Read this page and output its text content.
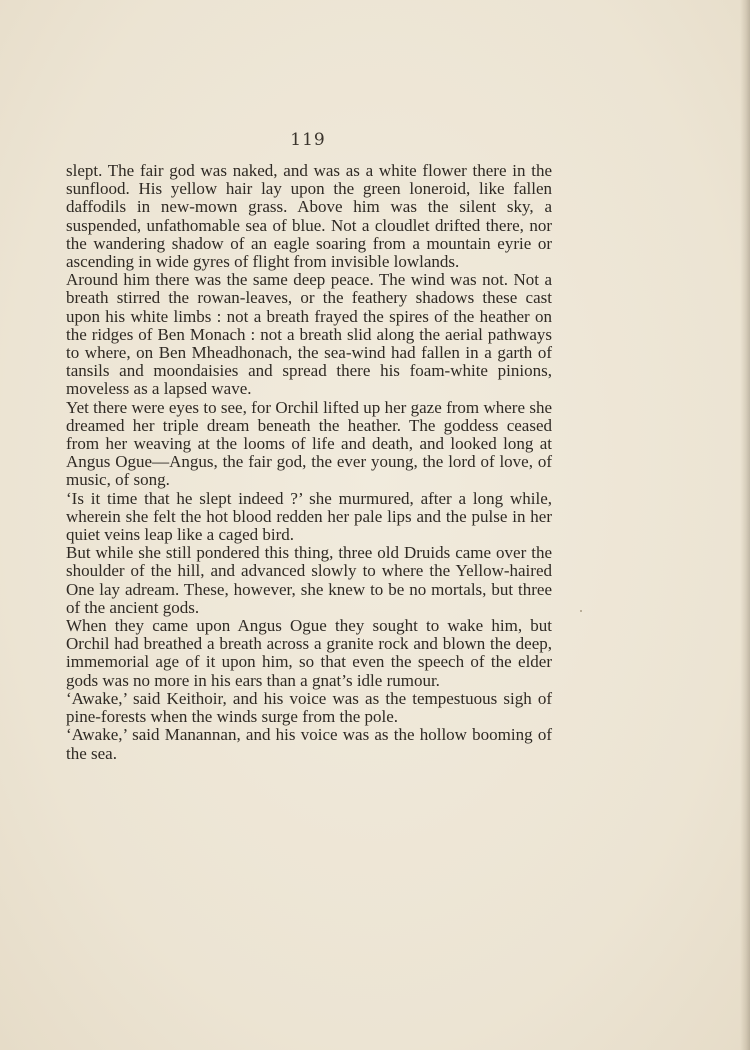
119

slept. The fair god was naked, and was as a white flower there in the sunflood. His yellow hair lay upon the green loneroid, like fallen daffodils in new-mown grass. Above him was the silent sky, a suspended, unfathomable sea of blue. Not a cloudlet drifted there, nor the wandering shadow of an eagle soaring from a mountain eyrie or ascending in wide gyres of flight from invisible lowlands.

Around him there was the same deep peace. The wind was not. Not a breath stirred the rowan-leaves, or the feathery shadows these cast upon his white limbs : not a breath frayed the spires of the heather on the ridges of Ben Monach : not a breath slid along the aerial pathways to where, on Ben Mheadhonach, the sea-wind had fallen in a garth of tansils and moondaisies and spread there his foam-white pinions, moveless as a lapsed wave.

Yet there were eyes to see, for Orchil lifted up her gaze from where she dreamed her triple dream beneath the heather. The goddess ceased from her weaving at the looms of life and death, and looked long at Angus Ogue—Angus, the fair god, the ever young, the lord of love, of music, of song.

‘Is it time that he slept indeed ?’ she murmured, after a long while, wherein she felt the hot blood redden her pale lips and the pulse in her quiet veins leap like a caged bird.

But while she still pondered this thing, three old Druids came over the shoulder of the hill, and advanced slowly to where the Yellow-haired One lay adream. These, however, she knew to be no mortals, but three of the ancient gods.

When they came upon Angus Ogue they sought to wake him, but Orchil had breathed a breath across a granite rock and blown the deep, immemorial age of it upon him, so that even the speech of the elder gods was no more in his ears than a gnat’s idle rumour.

‘Awake,’ said Keithoir, and his voice was as the tempestuous sigh of pine-forests when the winds surge from the pole.

‘Awake,’ said Manannan, and his voice was as the hollow booming of the sea.
